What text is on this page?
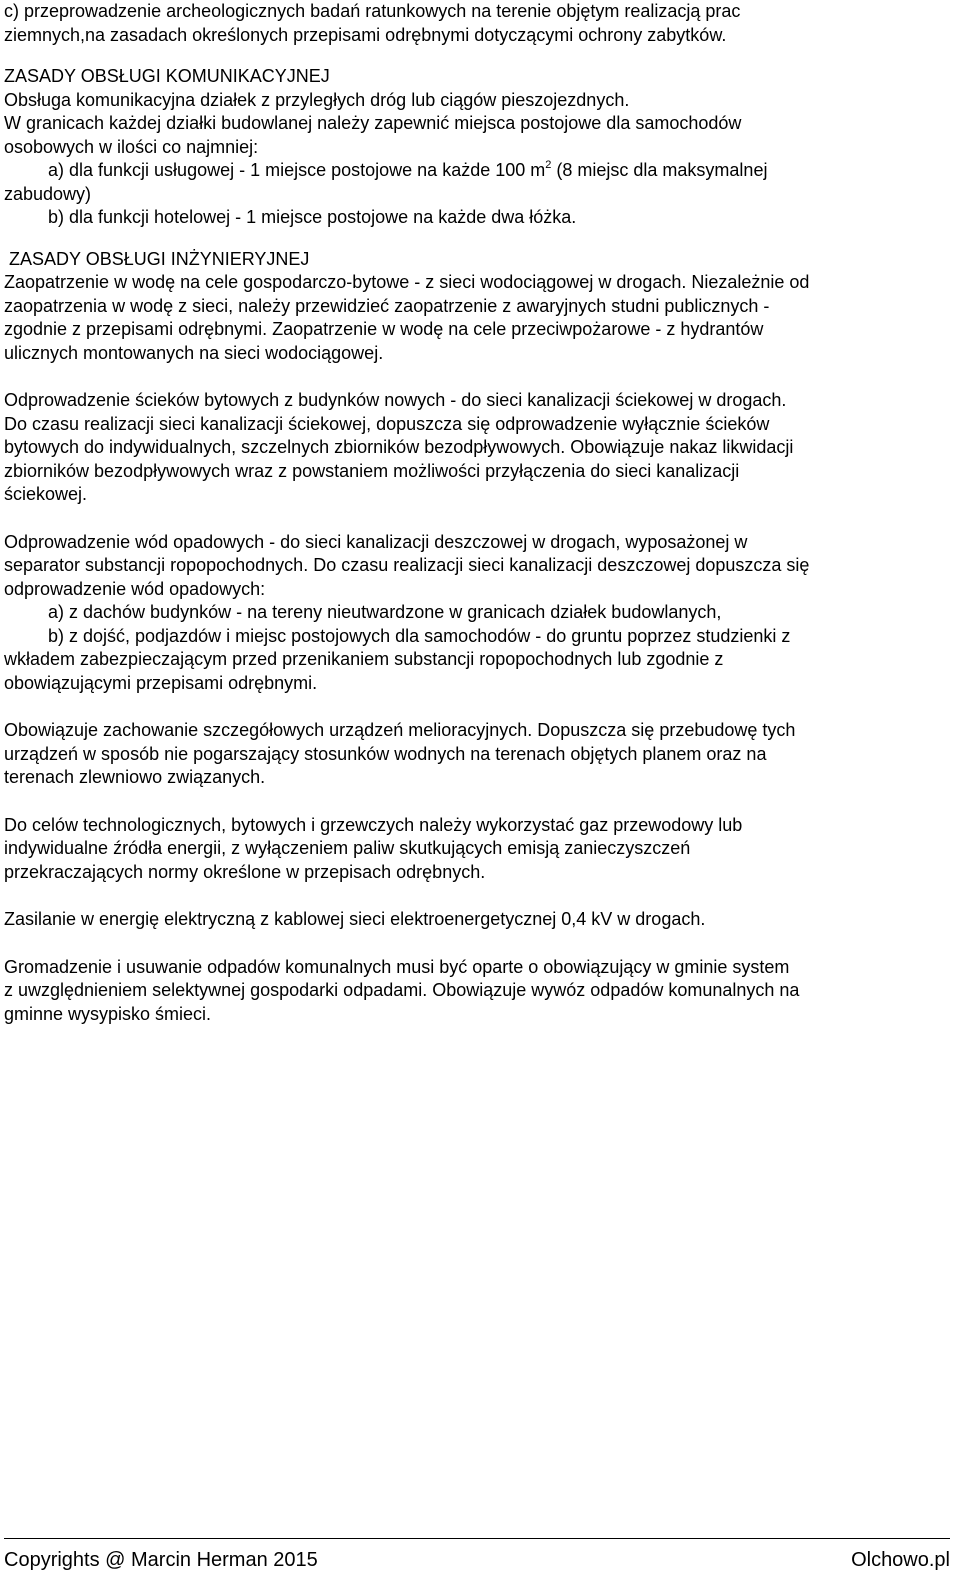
c) przeprowadzenie archeologicznych badań ratunkowych na terenie objętym realizacją prac
ziemnych,na zasadach określonych przepisami odrębnymi dotyczącymi ochrony zabytków.
ZASADY OBSŁUGI KOMUNIKACYJNEJ
Obsługa komunikacyjna działek z przyległych dróg lub ciągów pieszojezdnych.
W granicach każdej działki budowlanej należy zapewnić miejsca postojowe dla samochodów
osobowych w ilości co najmniej:
a) dla funkcji usługowej - 1 miejsce postojowe na każde 100 $m^2$ (8 miejsc dla maksymalnej
zabudowy)
b) dla funkcji hotelowej - 1 miejsce postojowe na każde dwa łóżka.
ZASADY OBSŁUGI INŻYNIERYJNEJ
Zaopatrzenie w wodę na cele gospodarczo-bytowe - z sieci wodociągowej w drogach. Niezależnie od
zaopatrzenia w wodę z sieci, należy przewidzieć zaopatrzenie z awaryjnych studni publicznych -
zgodnie z przepisami odrębnymi. Zaopatrzenie w wodę na cele przeciwpożarowe - z hydrantów
ulicznych montowanych na sieci wodociągowej.
Odprowadzenie ścieków bytowych z budynków nowych - do sieci kanalizacji ściekowej w drogach.
Do czasu realizacji sieci kanalizacji ściekowej, dopuszcza się odprowadzenie wyłącznie ścieków
bytowych do indywidualnych, szczelnych zbiorników bezodpływowych. Obowiązuje nakaz likwidacji
zbiorników bezodpływowych wraz z powstaniem możliwości przyłączenia do sieci kanalizacji
ściekowej.
Odprowadzenie wód opadowych - do sieci kanalizacji deszczowej w drogach, wyposażonej w
separator substancji ropopochodnych. Do czasu realizacji sieci kanalizacji deszczowej dopuszcza się
odprowadzenie wód opadowych:
a) z dachów budynków - na tereny nieutwardzone w granicach działek budowlanych,
b) z dojść, podjazdów i miejsc postojowych dla samochodów - do gruntu poprzez studzienki z
wkładem zabezpieczającym przed przenikaniem substancji ropopochodnych lub zgodnie z
obowiązującymi przepisami odrębnymi.
Obowiązuje zachowanie szczegółowych urządzeń melioracyjnych. Dopuszcza się przebudowę tych
urządzeń w sposób nie pogarszający stosunków wodnych na terenach objętych planem oraz na
terenach zlewniowo związanych.
Do celów technologicznych, bytowych i grzewczych należy wykorzystać gaz przewodowy lub
indywidualne źródła energii, z wyłączeniem paliw skutkujących emisją zanieczyszczeń
przekraczających normy określone w przepisach odrębnych.
Zasilanie w energię elektryczną z kablowej sieci elektroenergetycznej 0,4 kV w drogach.
Gromadzenie i usuwanie odpadów komunalnych musi być oparte o obowiązujący w gminie system
z uwzględnieniem selektywnej gospodarki odpadami. Obowiązuje wywóz odpadów komunalnych na
gminne wysypisko śmieci.
Copyrights @ Marcin Herman 2015	Olchowo.pl
